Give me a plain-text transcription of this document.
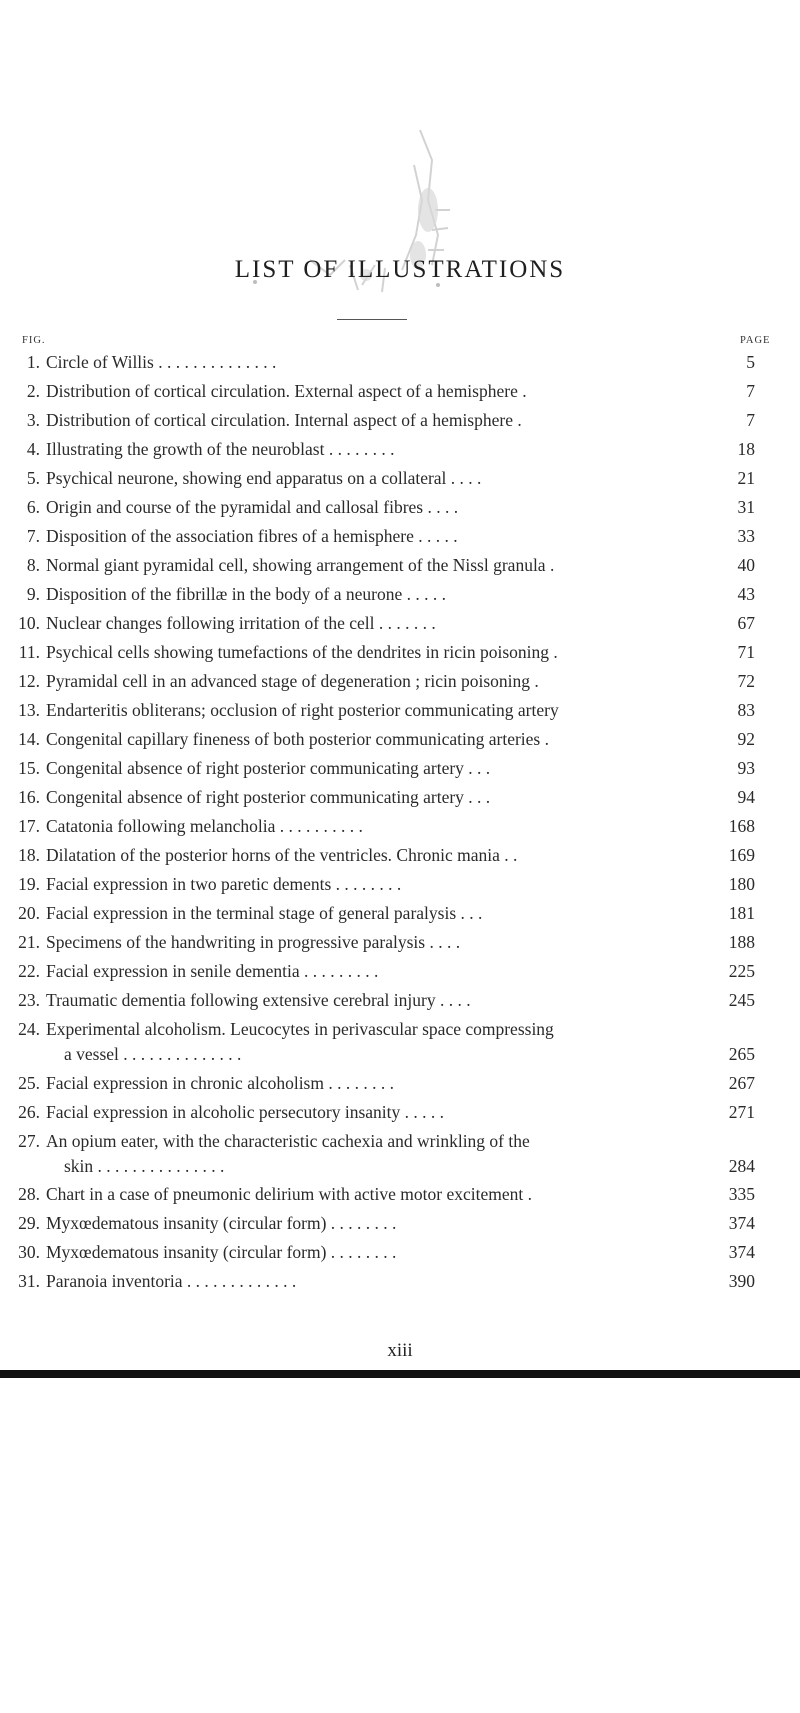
LIST OF ILLUSTRATIONS
FIG.	PAGE
1. Circle of Willis . . . . . . . . . . . . . .	5
2. Distribution of cortical circulation. External aspect of a hemisphere .	7
3. Distribution of cortical circulation. Internal aspect of a hemisphere .	7
4. Illustrating the growth of the neuroblast . . . . . . . .	18
5. Psychical neurone, showing end apparatus on a collateral . . . .	21
6. Origin and course of the pyramidal and callosal fibres . . . .	31
7. Disposition of the association fibres of a hemisphere . . . . .	33
8. Normal giant pyramidal cell, showing arrangement of the Nissl granula .	40
9. Disposition of the fibrillæ in the body of a neurone . . . . .	43
10. Nuclear changes following irritation of the cell . . . . . . .	67
11. Psychical cells showing tumefactions of the dendrites in ricin poisoning .	71
12. Pyramidal cell in an advanced stage of degeneration ; ricin poisoning .	72
13. Endarteritis obliterans; occlusion of right posterior communicating artery	83
14. Congenital capillary fineness of both posterior communicating arteries .	92
15. Congenital absence of right posterior communicating artery . . .	93
16. Congenital absence of right posterior communicating artery . . .	94
17. Catatonia following melancholia . . . . . . . . . .	168
18. Dilatation of the posterior horns of the ventricles. Chronic mania . .	169
19. Facial expression in two paretic dements . . . . . . . .	180
20. Facial expression in the terminal stage of general paralysis . . .	181
21. Specimens of the handwriting in progressive paralysis . . . .	188
22. Facial expression in senile dementia . . . . . . . . .	225
23. Traumatic dementia following extensive cerebral injury . . . .	245
24. Experimental alcoholism. Leucocytes in perivascular space compressing
a vessel . . . . . . . . . . . . . .	265
25. Facial expression in chronic alcoholism . . . . . . . .	267
26. Facial expression in alcoholic persecutory insanity . . . . .	271
27. An opium eater, with the characteristic cachexia and wrinkling of the
skin . . . . . . . . . . . . . . .	284
28. Chart in a case of pneumonic delirium with active motor excitement .	335
29. Myxœdematous insanity (circular form) . . . . . . . .	374
30. Myxœdematous insanity (circular form) . . . . . . . .	374
31. Paranoia inventoria . . . . . . . . . . . . .	390
xiii
